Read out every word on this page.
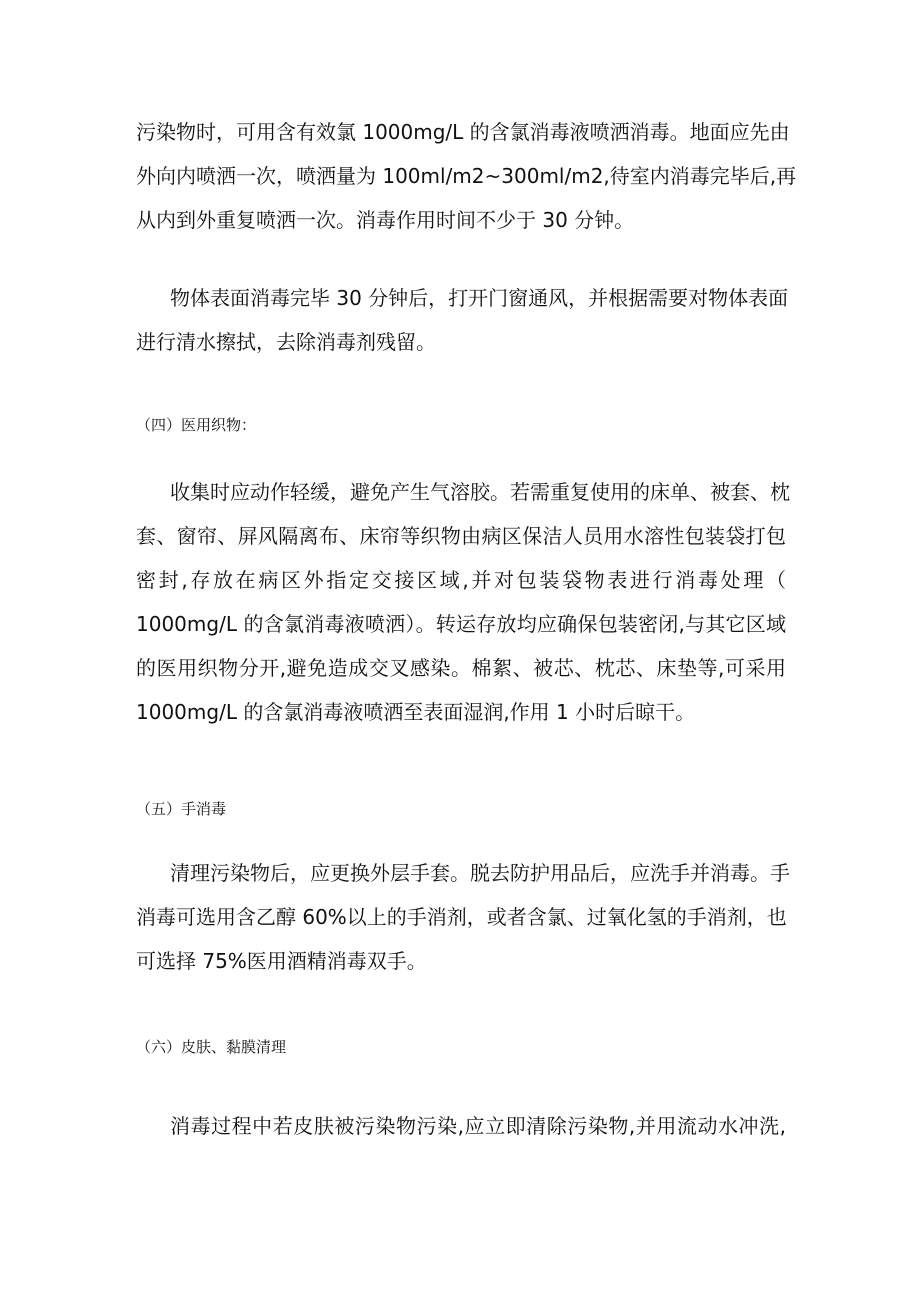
污染物时，可用含有效氯 1000mg/L 的含氯消毒液喷洒消毒。地面应先由
外向内喷洒一次，喷洒量为 100ml/m2~300ml/m2,待室内消毒完毕后,再
从内到外重复喷洒一次。消毒作用时间不少于 30 分钟。
物体表面消毒完毕 30 分钟后，打开门窗通风，并根据需要对物体表面
进行清水擦拭，去除消毒剂残留。
（四）医用织物：
收集时应动作轻缓，避免产生气溶胶。若需重复使用的床单、被套、枕
套、窗帘、屏风隔离布、床帘等织物由病区保洁人员用水溶性包装袋打包
密封,存放在病区外指定交接区域,并对包装袋物表进行消毒处理（
1000mg/L 的含氯消毒液喷洒）。转运存放均应确保包装密闭,与其它区域
的医用织物分开,避免造成交叉感染。棉絮、被芯、枕芯、床垫等,可采用
1000mg/L 的含氯消毒液喷洒至表面湿润,作用 1 小时后晾干。
（五）手消毒
清理污染物后，应更换外层手套。脱去防护用品后，应洗手并消毒。手
消毒可选用含乙醇 60%以上的手消剂，或者含氯、过氧化氢的手消剂，也
可选择 75%医用酒精消毒双手。
（六）皮肤、黏膜清理
消毒过程中若皮肤被污染物污染,应立即清除污染物,并用流动水冲洗,
